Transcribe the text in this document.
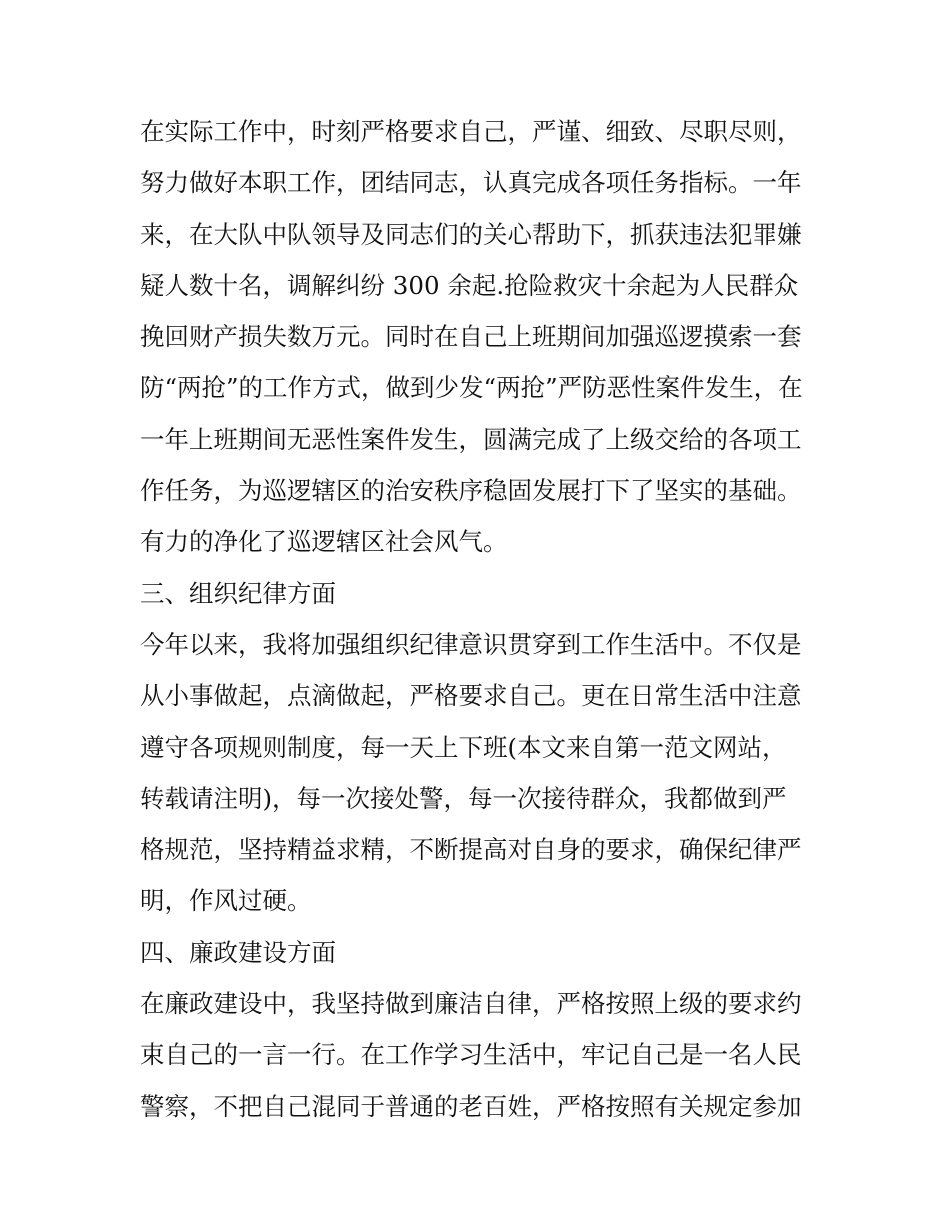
在实际工作中，时刻严格要求自己，严谨、细致、尽职尽则，
努力做好本职工作，团结同志，认真完成各项任务指标。一年
来，在大队中队领导及同志们的关心帮助下，抓获违法犯罪嫌
疑人数十名，调解纠纷 300 余起.抢险救灾十余起为人民群众
挽回财产损失数万元。同时在自己上班期间加强巡逻摸索一套
防“两抢”的工作方式，做到少发“两抢”严防恶性案件发生，在
一年上班期间无恶性案件发生，圆满完成了上级交给的各项工
作任务，为巡逻辖区的治安秩序稳固发展打下了坚实的基础。
有力的净化了巡逻辖区社会风气。
三、组织纪律方面
今年以来，我将加强组织纪律意识贯穿到工作生活中。不仅是
从小事做起，点滴做起，严格要求自己。更在日常生活中注意
遵守各项规则制度，每一天上下班(本文来自第一范文网站，
转载请注明)，每一次接处警，每一次接待群众，我都做到严
格规范，坚持精益求精，不断提高对自身的要求，确保纪律严
明，作风过硬。
四、廉政建设方面
在廉政建设中，我坚持做到廉洁自律，严格按照上级的要求约
束自己的一言一行。在工作学习生活中，牢记自己是一名人民
警察，不把自己混同于普通的老百姓，严格按照有关规定参加
